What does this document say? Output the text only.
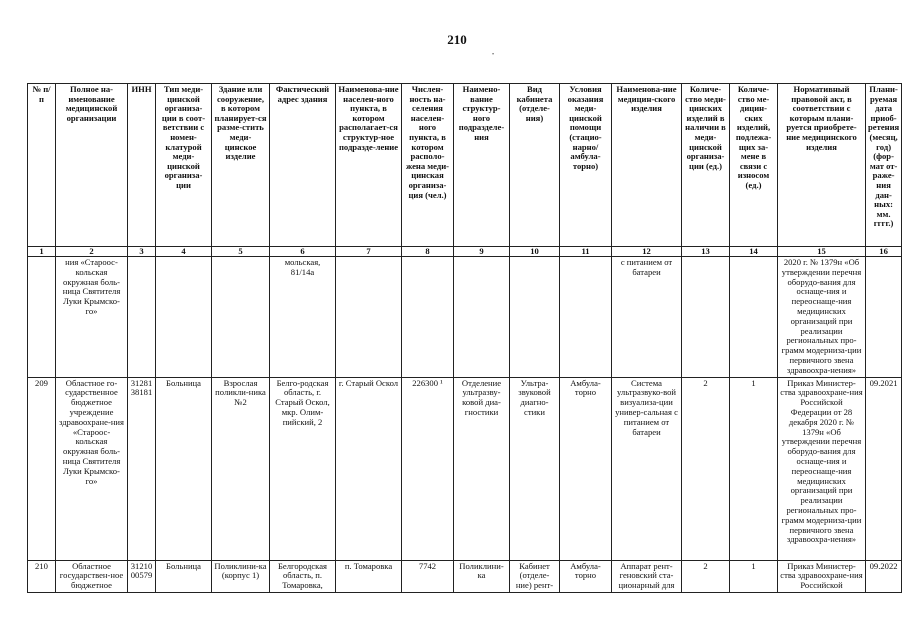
210
•
№ п/п	Полное на-именование медицинской организации	ИНН	Тип меди-цинской организа-ции в соот-ветствии с номен-клатурой меди-цинской организа-ции	Здание или сооружение, в котором планирует-ся разме-стить меди-цинское изделие	Фактический адрес здания	Наименова-ние населен-ного пункта, в котором располагает-ся структур-ное подразде-ление	Числен-ность на-селения населен-ного пункта, в котором располо-жена меди-цинская организа-ция (чел.)	Наимено-вание структур-ного подразделе-ния	Вид кабинета (отделе-ния)	Условия оказания меди-цинской помощи (стацио-нарно/ амбула-торно)	Наименова-ние медицин-ского изделия	Количе-ство меди-цинских изделий в наличии в меди-цинской организа-ции (ед.)	Количе-ство ме-дицин-ских изделий, подлежа-щих за-мене в связи с износом (ед.)	Нормативный правовой акт, в соответствии с которым плани-руется приобрете-ние медицинского изделия	Плани-руемая дата приоб-ретения (месяц, год) (фор-мат от-раже-ния дан-ных: мм. гггг.)
1	2	3	4	5	6	7	8	9	10	11	12	13	14	15	16
	ния «Староос-кольская окружная боль-ница Святителя Луки Крымско-го»				мольская, 81/14а						с питанием от батареи			2020 г. № 1379н «Об утверждении перечня оборудо-вания для оснаще-ния и переоснаще-ния медицинских организаций при реализации региональных про-грамм модерниза-ции первичного звена здравоохра-нения»	
209	Областное го-сударственное бюджетное учреждение здравоохране-ния «Староос-кольская окружная боль-ница Святителя Луки Крымско-го»	31281 38181	Больница	Взрослая поликли-ника №2	Белго-родская область, г. Старый Оскол, мкр. Олим-пийский, 2	г. Старый Оскол	226300 ¹	Отделение ультразву-ковой диа-гностики	Ультра-звуковой диагно-стики	Амбула-торно	Система ультразвуко-вой визуализа-ции универ-сальная с питанием от батареи	2	1	Приказ Министер-ства здравоохране-ния Российской Федерации от 28 декабря 2020 г. № 1379н «Об утверждении перечня оборудо-вания для оснаще-ния и переоснаще-ния медицинских организаций при реализации региональных про-грамм модерниза-ции первичного звена здравоохра-нения»	09.2021
210	Областное государствен-ное бюджетное	31210 00579	Больница	Поликлини-ка (корпус 1)	Белгородская область, п. Томаровка,	п. Томаровка	7742	Поликлини-ка	Кабинет (отделе-ние) рент-	Амбула-торно	Аппарат рент-геновский ста-ционарный для	2	1	Приказ Министер-ства здравоохране-ния Российской	09.2022
